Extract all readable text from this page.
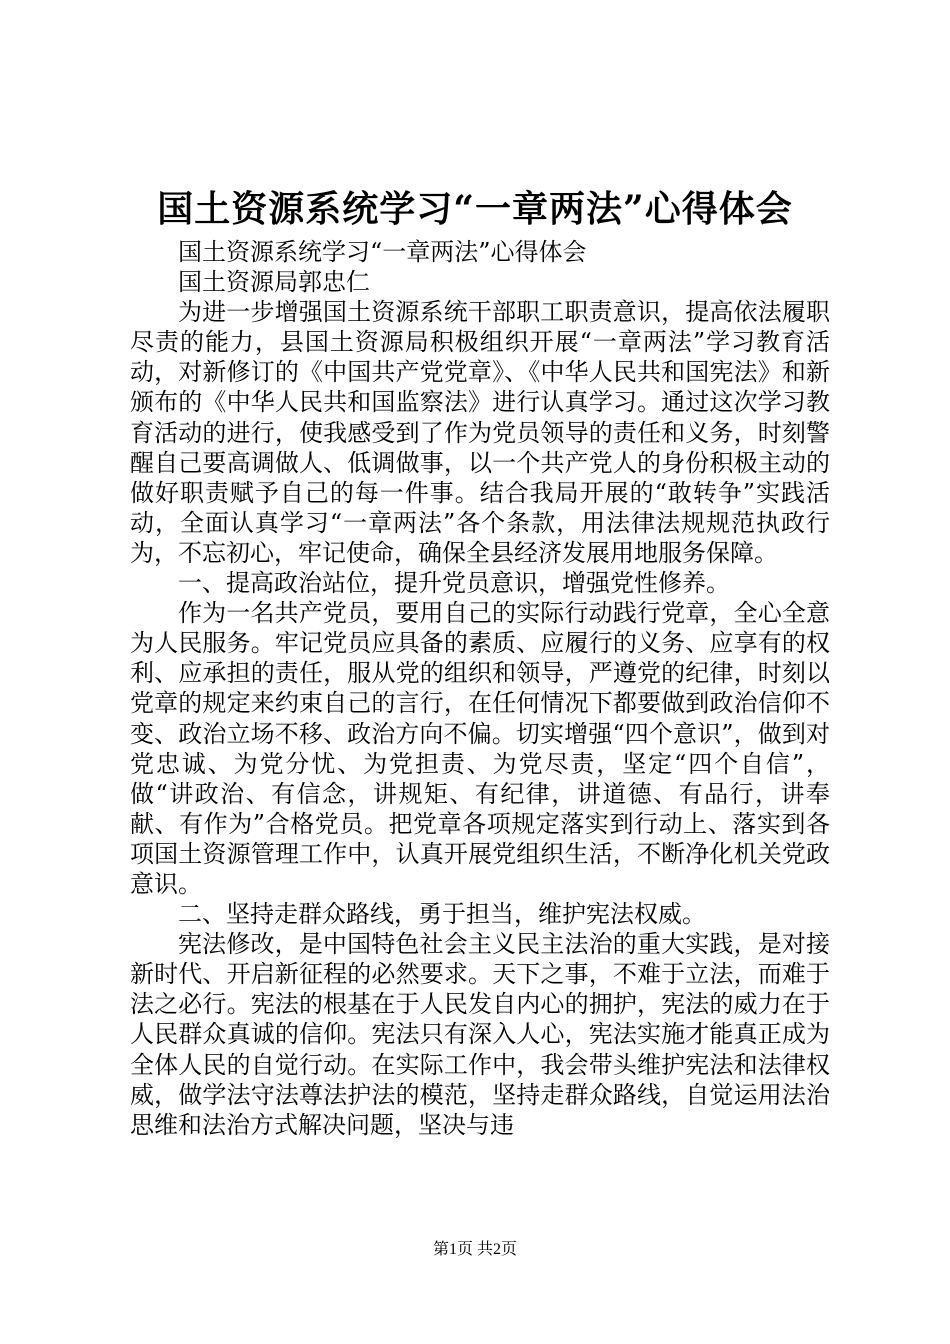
国土资源系统学习“一章两法”心得体会

国土资源系统学习“一章两法”心得体会

国土资源局郭忠仁

为进一步增强国土资源系统干部职工职责意识，提高依法履职尽责的能力，县国土资源局积极组织开展“一章两法”学习教育活动，对新修订的《中国共产党党章》、《中华人民共和国宪法》和新颁布的《中华人民共和国监察法》进行认真学习。通过这次学习教育活动的进行，使我感受到了作为党员领导的责任和义务，时刻警醒自己要高调做人、低调做事，以一个共产党人的身份积极主动的做好职责赋予自己的每一件事。结合我局开展的“敢转争”实践活动，全面认真学习“一章两法”各个条款，用法律法规规范执政行为，不忘初心，牢记使命，确保全县经济发展用地服务保障。

一、提高政治站位，提升党员意识，增强党性修养。

作为一名共产党员，要用自己的实际行动践行党章，全心全意为人民服务。牢记党员应具备的素质、应履行的义务、应享有的权利、应承担的责任，服从党的组织和领导，严遵党的纪律，时刻以党章的规定来约束自己的言行，在任何情况下都要做到政治信仰不变、政治立场不移、政治方向不偏。切实增强“四个意识”，做到对党忠诚、为党分忧、为党担责、为党尽责，坚定“四个自信”，做“讲政治、有信念，讲规矩、有纪律，讲道德、有品行，讲奉献、有作为”合格党员。把党章各项规定落实到行动上、落实到各项国土资源管理工作中，认真开展党组织生活，不断净化机关党政意识。

二、坚持走群众路线，勇于担当，维护宪法权威。

宪法修改，是中国特色社会主义民主法治的重大实践，是对接新时代、开启新征程的必然要求。天下之事，不难于立法，而难于法之必行。宪法的根基在于人民发自内心的拥护，宪法的威力在于人民群众真诚的信仰。宪法只有深入人心，宪法实施才能真正成为全体人民的自觉行动。在实际工作中，我会带头维护宪法和法律权威，做学法守法尊法护法的模范，坚持走群众路线，自觉运用法治思维和法治方式解决问题，坚决与违

第1页 共2页
